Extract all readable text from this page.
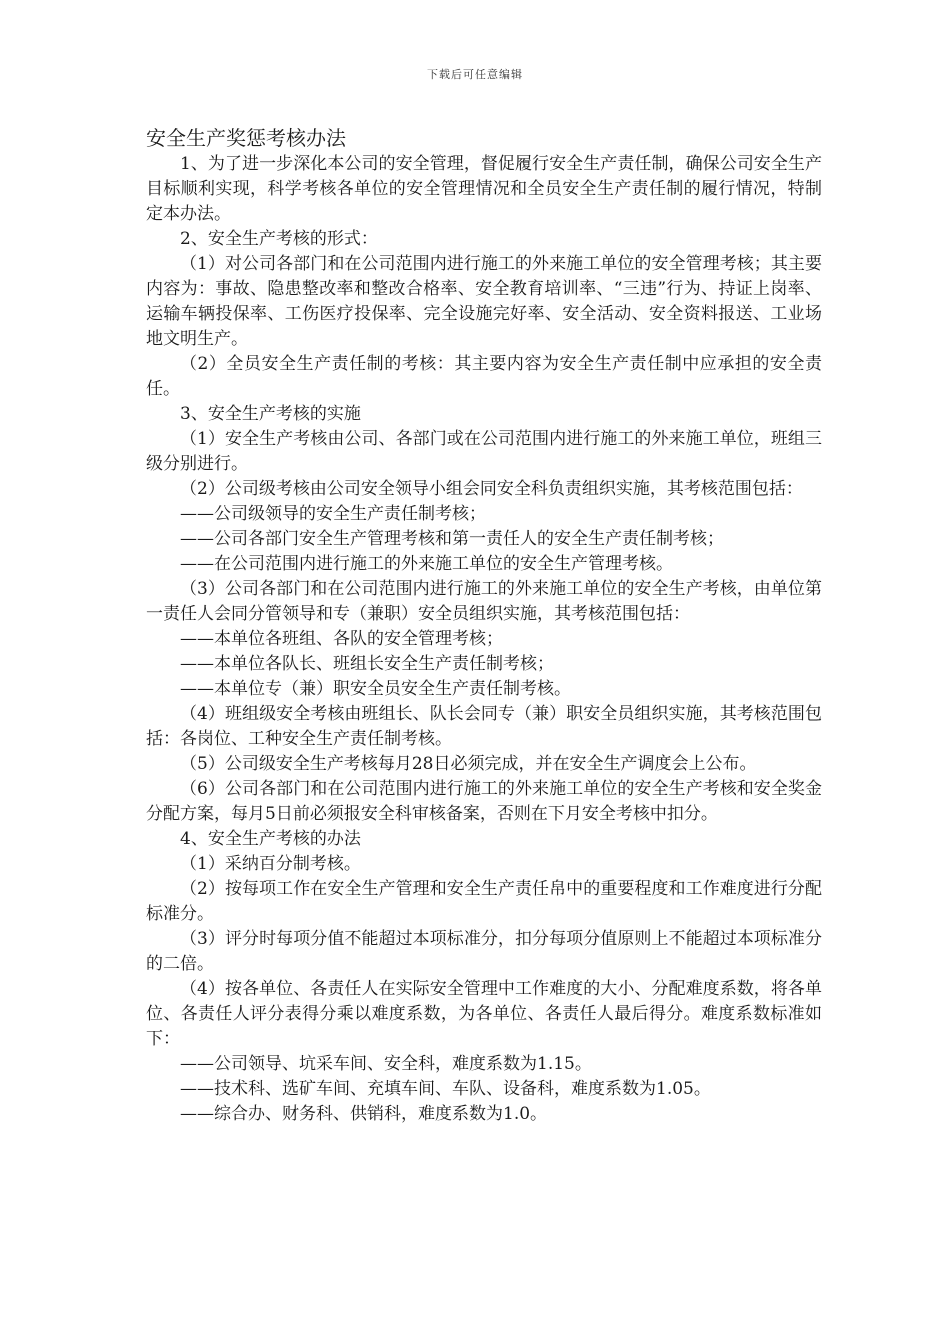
下载后可任意编辑
安全生产奖惩考核办法

1、为了进一步深化本公司的安全管理，督促履行安全生产责任制，确保公司安全生产目标顺利实现，科学考核各单位的安全管理情况和全员安全生产责任制的履行情况，特制定本办法。

2、安全生产考核的形式：

（1）对公司各部门和在公司范围内进行施工的外来施工单位的安全管理考核；其主要内容为：事故、隐患整改率和整改合格率、安全教育培训率、“三违”行为、持证上岗率、运输车辆投保率、工伤医疗投保率、完全设施完好率、安全活动、安全资料报送、工业场地文明生产。

（2）全员安全生产责任制的考核：其主要内容为安全生产责任制中应承担的安全责任。

3、安全生产考核的实施

（1）安全生产考核由公司、各部门或在公司范围内进行施工的外来施工单位，班组三级分别进行。

（2）公司级考核由公司安全领导小组会同安全科负责组织实施，其考核范围包括：

——公司级领导的安全生产责任制考核；

——公司各部门安全生产管理考核和第一责任人的安全生产责任制考核；

——在公司范围内进行施工的外来施工单位的安全生产管理考核。

（3）公司各部门和在公司范围内进行施工的外来施工单位的安全生产考核，由单位第一责任人会同分管领导和专（兼职）安全员组织实施，其考核范围包括：

——本单位各班组、各队的安全管理考核；

——本单位各队长、班组长安全生产责任制考核；

——本单位专（兼）职安全员安全生产责任制考核。

（4）班组级安全考核由班组长、队长会同专（兼）职安全员组织实施，其考核范围包括：各岗位、工种安全生产责任制考核。

（5）公司级安全生产考核每月28日必须完成，并在安全生产调度会上公布。

（6）公司各部门和在公司范围内进行施工的外来施工单位的安全生产考核和安全奖金分配方案，每月5日前必须报安全科审核备案，否则在下月安全考核中扣分。

4、安全生产考核的办法

（1）采纳百分制考核。

（2）按每项工作在安全生产管理和安全生产责任帛中的重要程度和工作难度进行分配标准分。

（3）评分时每项分值不能超过本项标准分，扣分每项分值原则上不能超过本项标准分的二倍。

（4）按各单位、各责任人在实际安全管理中工作难度的大小、分配难度系数，将各单位、各责任人评分表得分乘以难度系数，为各单位、各责任人最后得分。难度系数标准如下：

——公司领导、坑采车间、安全科，难度系数为1.15。

——技术科、选矿车间、充填车间、车队、设备科，难度系数为1.05。

——综合办、财务科、供销科，难度系数为1.0。
